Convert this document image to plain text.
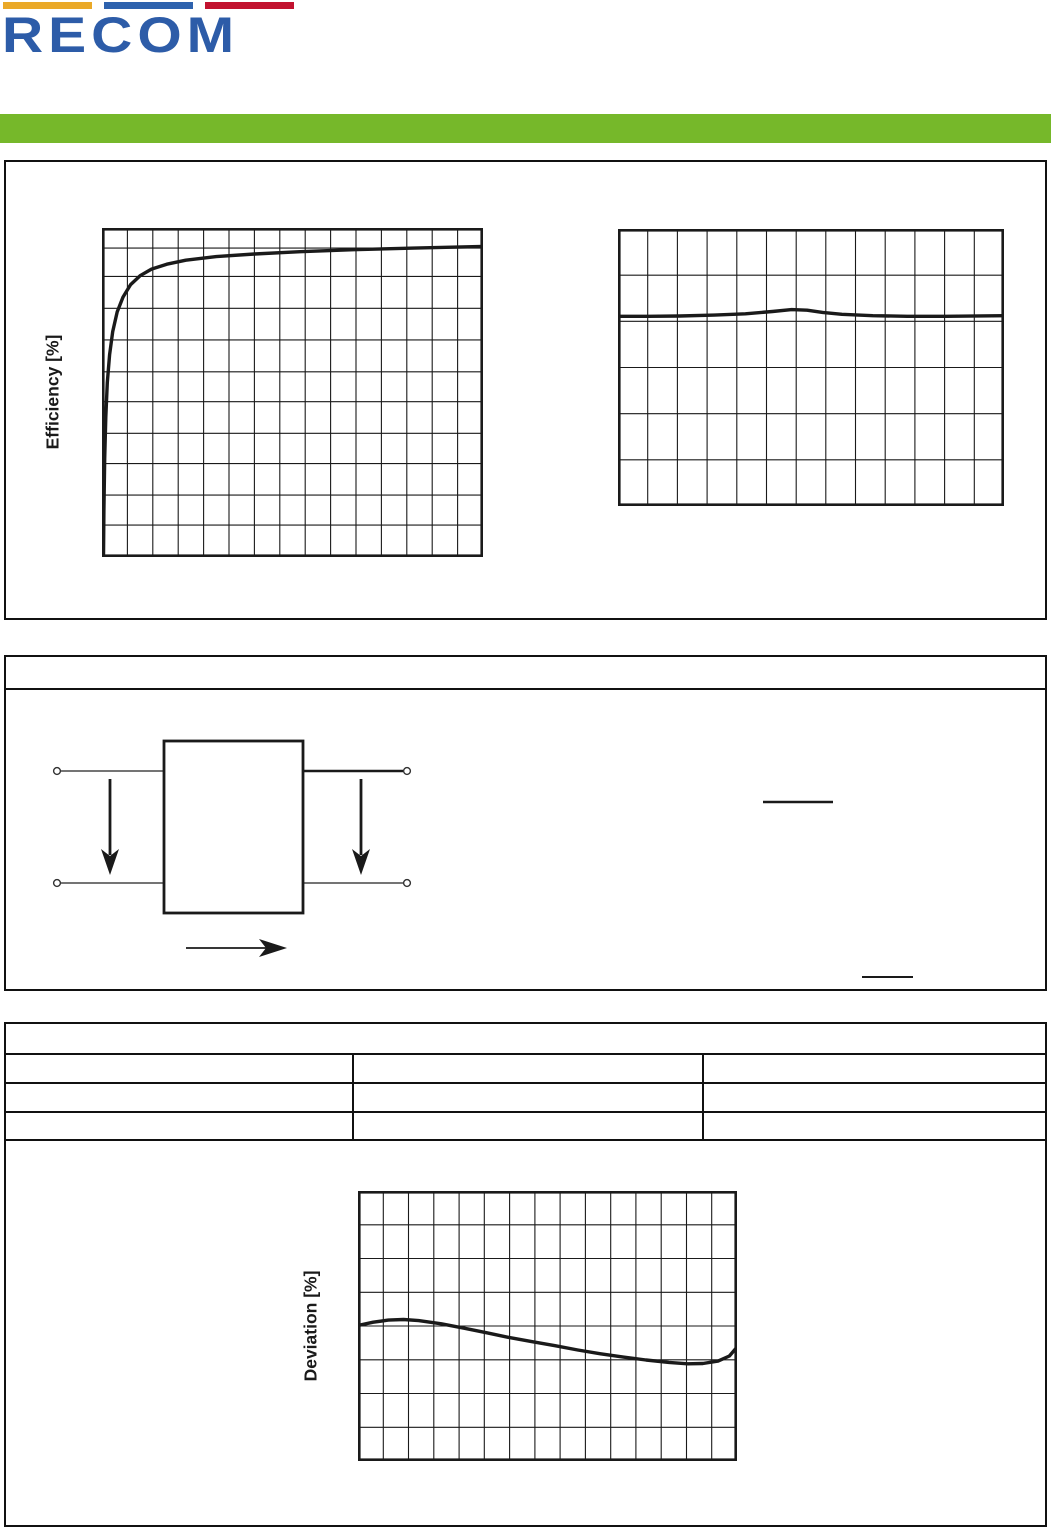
RECOM
Efficiency [%]
Deviation [%]
